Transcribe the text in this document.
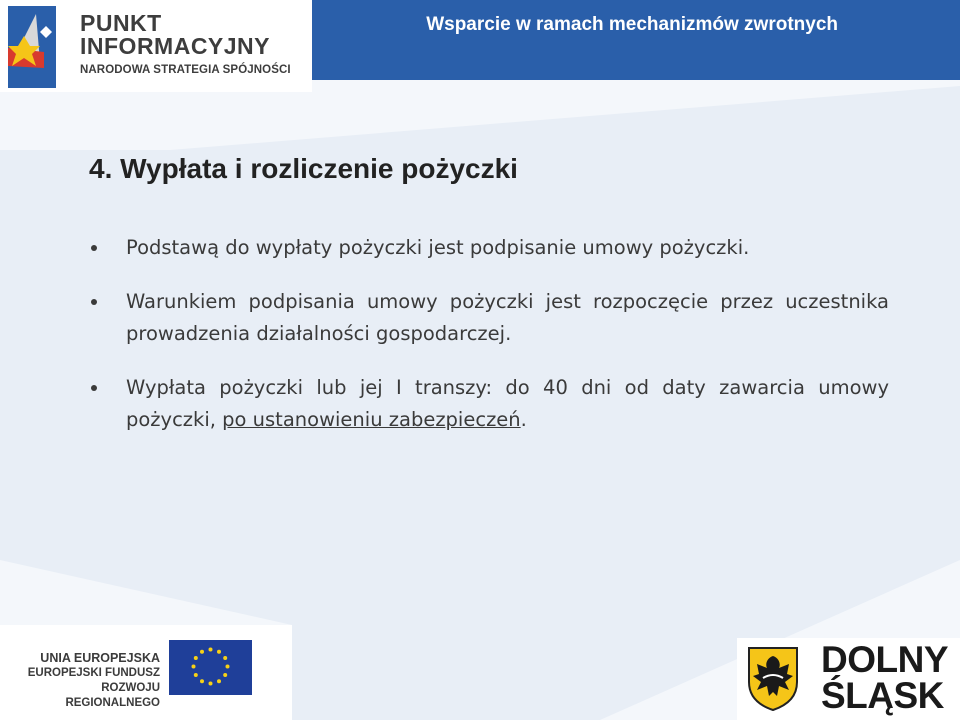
PUNKT
INFORMACYJNY
NARODOWA STRATEGIA SPÓJNOŚCI
Wsparcie w ramach mechanizmów zwrotnych
4. Wypłata i rozliczenie pożyczki
Podstawą do wypłaty pożyczki jest podpisanie umowy pożyczki.
Warunkiem podpisania umowy pożyczki jest rozpoczęcie przez uczestnika prowadzenia działalności gospodarczej.
Wypłata pożyczki lub jej I transzy: do 40 dni od daty zawarcia umowy pożyczki, po ustanowieniu zabezpieczeń.
UNIA EUROPEJSKA
EUROPEJSKI FUNDUSZ
ROZWOJU REGIONALNEGO
DOLNY
ŚLĄSK
